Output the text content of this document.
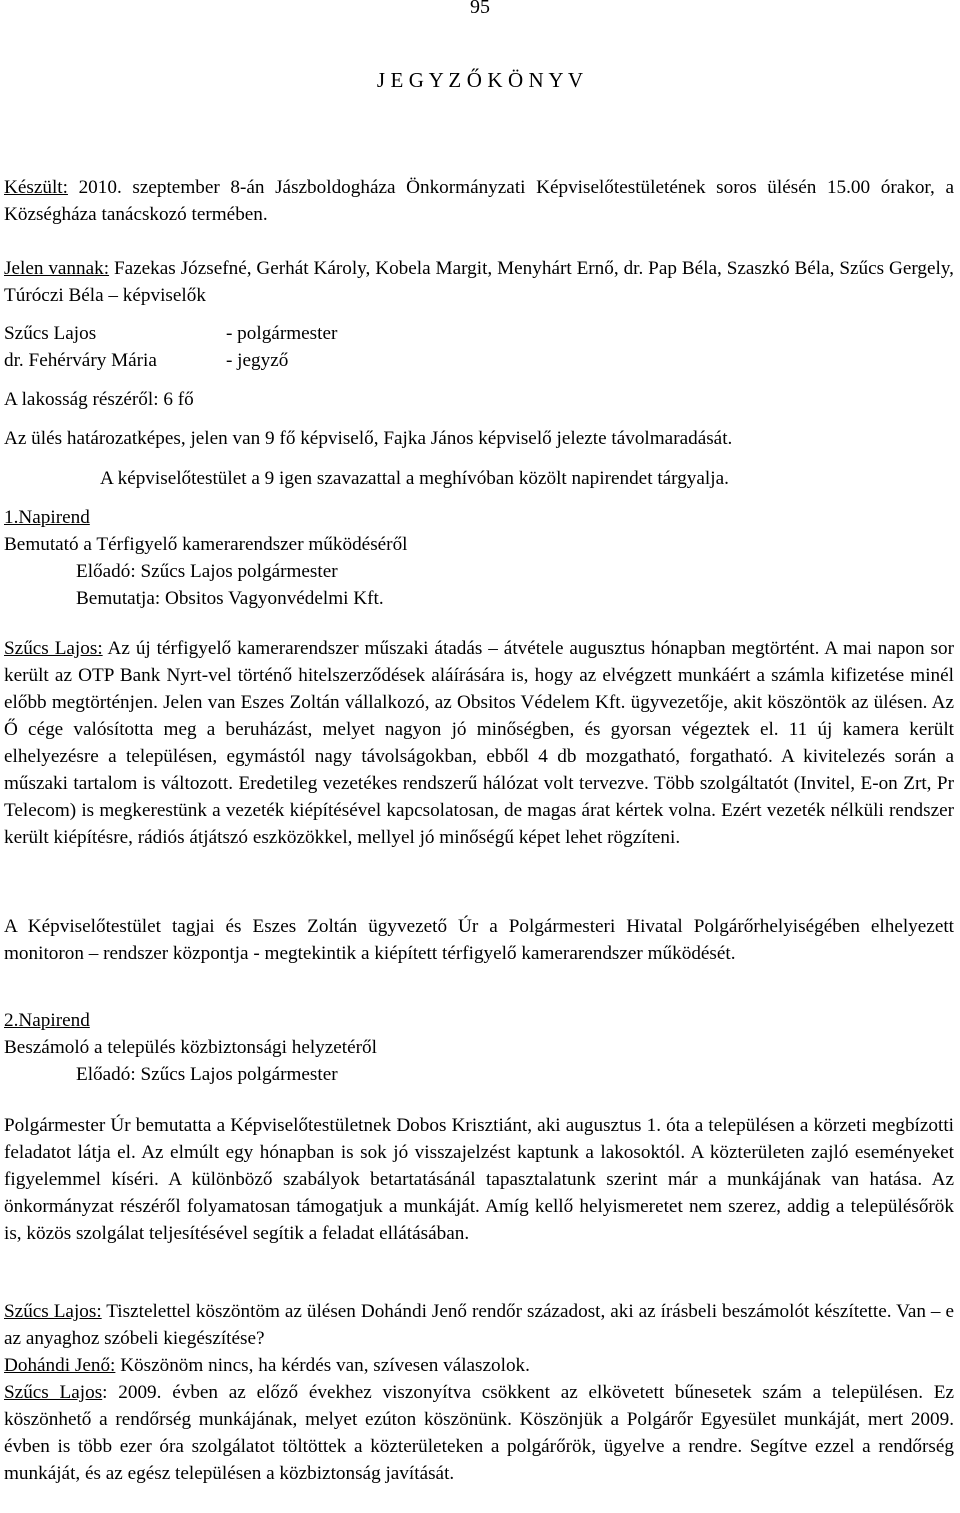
95
J E G Y Z Ő K Ö N Y V
Készült: 2010. szeptember 8-án Jászboldogháza Önkormányzati Képviselőtestületének soros ülésén 15.00 órakor, a Községháza tanácskozó termében.
Jelen vannak: Fazekas Józsefné, Gerhát Károly, Kobela Margit, Menyhárt Ernő, dr. Pap Béla, Szaszkó Béla, Szűcs Gergely, Túróczi Béla – képviselők
Szűcs Lajos	- polgármester
dr. Fehérváry Mária	- jegyző
A lakosság részéről: 6 fő
Az ülés határozatképes, jelen van 9 fő képviselő, Fajka János képviselő jelezte távolmaradását.
A képviselőtestület a 9 igen szavazattal a meghívóban közölt napirendet tárgyalja.
1.Napirend
Bemutató a Térfigyelő kamerarendszer működéséről
Előadó: Szűcs Lajos polgármester
Bemutatja: Obsitos Vagyonvédelmi Kft.
Szűcs Lajos: Az új térfigyelő kamerarendszer műszaki átadás – átvétele augusztus hónapban megtörtént. A mai napon sor került az OTP Bank Nyrt-vel történő hitelszerződések aláírására is, hogy az elvégzett munkáért a számla kifizetése minél előbb megtörténjen. Jelen van Eszes Zoltán vállalkozó, az Obsitos Védelem Kft. ügyvezetője, akit köszöntök az ülésen. Az Ő cége valósította meg a beruházást, melyet nagyon jó minőségben, és gyorsan végeztek el. 11 új kamera került elhelyezésre a településen, egymástól nagy távolságokban, ebből 4 db mozgatható, forgatható. A kivitelezés során a műszaki tartalom is változott. Eredetileg vezetékes rendszerű hálózat volt tervezve. Több szolgáltatót (Invitel, E-on Zrt, Pr Telecom) is megkerestünk a vezeték kiépítésével kapcsolatosan, de magas árat kértek volna. Ezért vezeték nélküli rendszer került kiépítésre, rádiós átjátszó eszközökkel, mellyel jó minőségű képet lehet rögzíteni.
A Képviselőtestület tagjai és Eszes Zoltán ügyvezető Úr a Polgármesteri Hivatal Polgárőrhelyiségében elhelyezett monitoron – rendszer központja - megtekintik a kiépített térfigyelő kamerarendszer működését.
2.Napirend
Beszámoló a település közbiztonsági helyzetéről
Előadó: Szűcs Lajos polgármester
Polgármester Úr bemutatta a Képviselőtestületnek Dobos Krisztiánt, aki augusztus 1. óta a településen a körzeti megbízotti feladatot látja el. Az elmúlt egy hónapban is sok jó visszajelzést kaptunk a lakosoktól. A közterületen zajló eseményeket figyelemmel kíséri. A különböző szabályok betartatásánál tapasztalatunk szerint már a munkájának van hatása. Az önkormányzat részéről folyamatosan támogatjuk a munkáját. Amíg kellő helyismeretet nem szerez, addig a településőrök is, közös szolgálat teljesítésével segítik a feladat ellátásában.
Szűcs Lajos: Tisztelettel köszöntöm az ülésen Dohándi Jenő rendőr századost, aki az írásbeli beszámolót készítette. Van – e az anyaghoz szóbeli kiegészítése?
Dohándi Jenő: Köszönöm nincs, ha kérdés van, szívesen válaszolok.
Szűcs Lajos: 2009. évben az előző évekhez viszonyítva csökkent az elkövetett bűnesetek szám a településen. Ez köszönhető a rendőrség munkájának, melyet ezúton köszönünk. Köszönjük a Polgárőr Egyesület munkáját, mert 2009. évben is több ezer óra szolgálatot töltöttek a közterületeken a polgárőrök, ügyelve a rendre. Segítve ezzel a rendőrség munkáját, és az egész településen a közbiztonság javítását.
